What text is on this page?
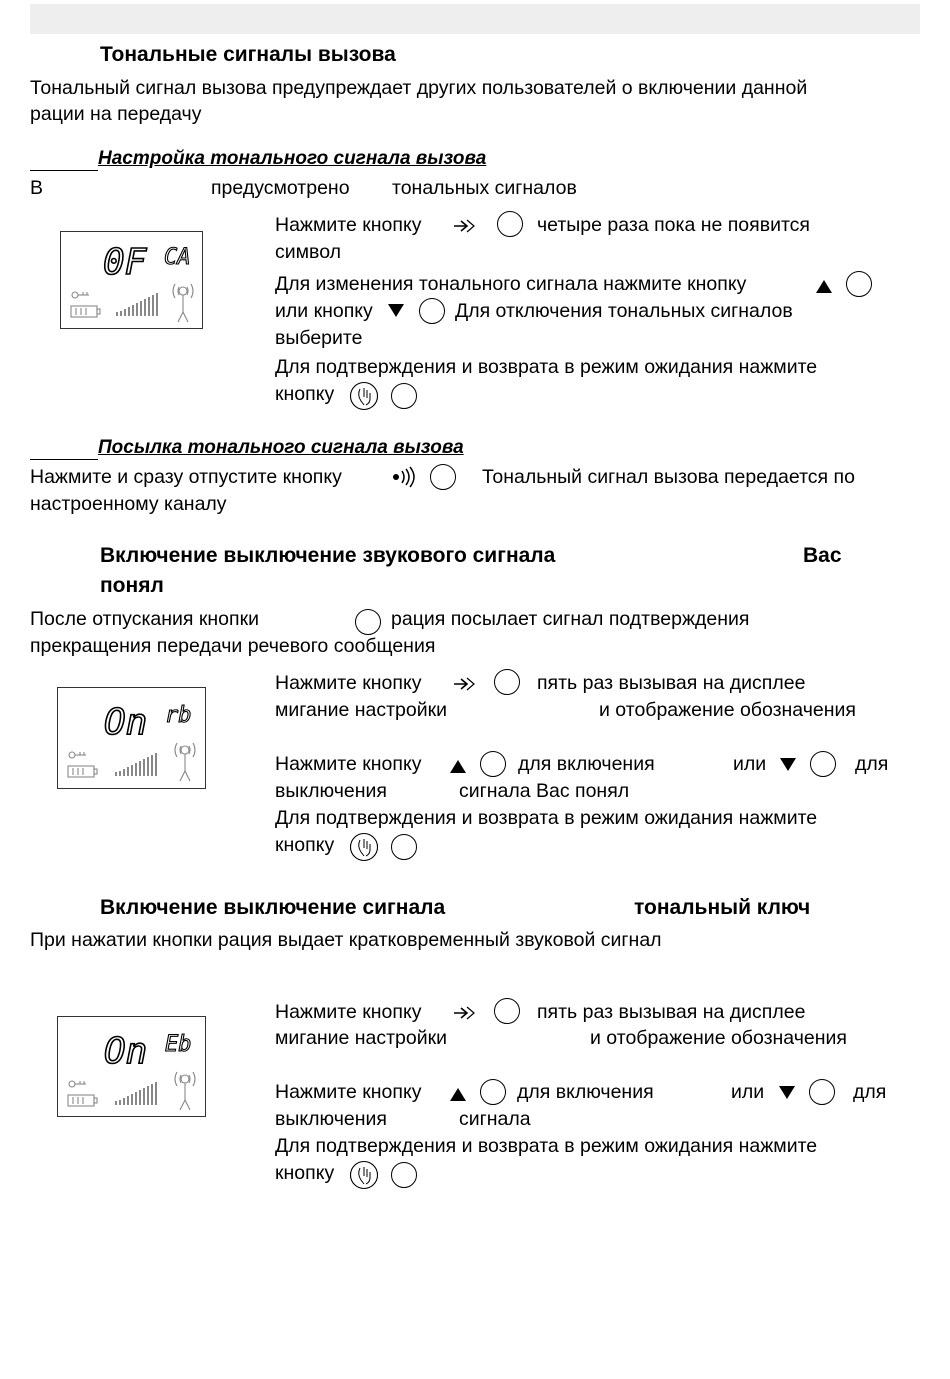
Тональные сигналы вызова
Тональный сигнал вызова предупреждает других пользователей о включении данной
рации на передачу
Настройка тонального сигнала вызова
В	предусмотрено тональных сигналов
0F CA
Нажмите кнопку	четыре раза пока не появится
символ
Для изменения тонального сигнала нажмите кнопку
или кнопку	Для отключения тональных сигналов
выберите
Для подтверждения и возврата в режим ожидания нажмите
кнопку
Посылка тонального сигнала вызова
Нажмите и сразу отпустите кнопку	Тональный сигнал вызова передается по
настроенному каналу
Включение выключение звукового сигнала	Вас
понял
После отпускания кнопки	рация посылает сигнал подтверждения
прекращения передачи речевого сообщения
On rb
Нажмите кнопку	пять раз вызывая на дисплее
мигание настройки	и отображение обозначения
Нажмите кнопку	для включения	или	для
выключения	сигнала Вас понял
Для подтверждения и возврата в режим ожидания нажмите
кнопку
Включение выключение сигнала	тональный ключ
При нажатии кнопки рация выдает кратковременный звуковой сигнал
On Eb
Нажмите кнопку	пять раз вызывая на дисплее
мигание настройки	и отображение обозначения
Нажмите кнопку	для включения	или	для
выключения	сигнала
Для подтверждения и возврата в режим ожидания нажмите
кнопку
